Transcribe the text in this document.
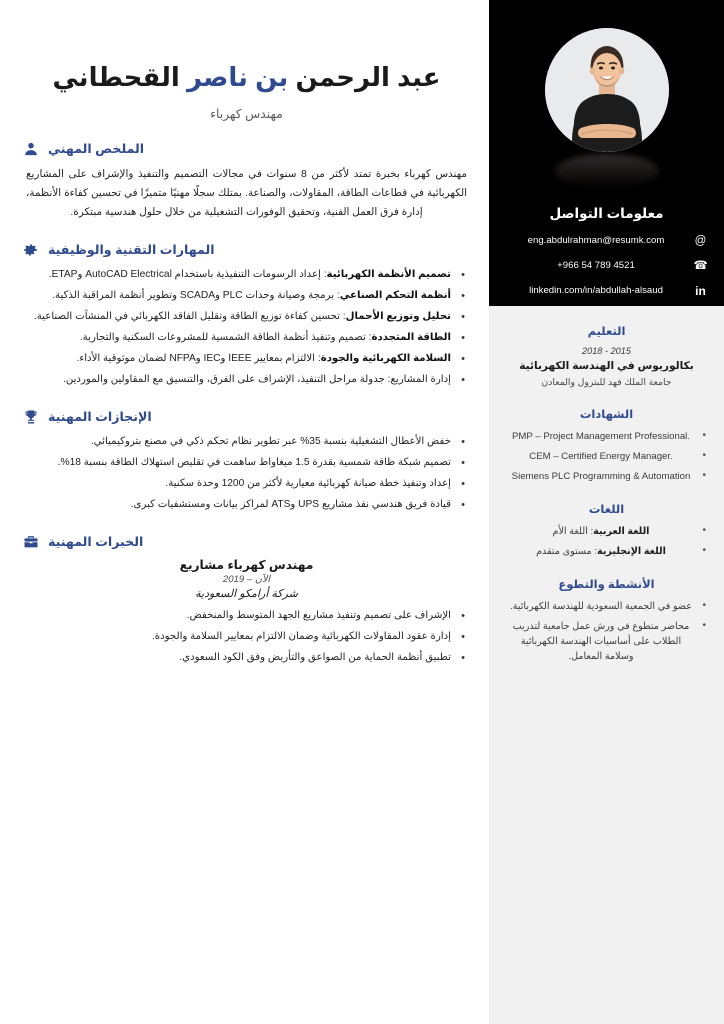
عبد الرحمن بن ناصر القحطاني
مهندس كهرباء
الملخص المهني
مهندس كهرباء بخبرة تمتد لأكثر من 8 سنوات في مجالات التصميم والتنفيذ والإشراف على المشاريع الكهربائية في قطاعات الطاقة، المقاولات، والصناعة. يمتلك سجلًا مهنيًا متميزًا في تحسين كفاءة الأنظمة، إدارة فرق العمل الفنية، وتحقيق الوفورات التشغيلية من خلال حلول هندسية مبتكرة.
المهارات التقنية والوظيفية
• تصميم الأنظمة الكهربائية: إعداد الرسومات التنفيذية باستخدام AutoCAD Electrical وETAP.
• أنظمة التحكم الصناعي: برمجة وصيانة وحدات PLC وSCADA وتطوير أنظمة المراقبة الذكية.
• تحليل وتوزيع الأحمال: تحسين كفاءة توزيع الطاقة وتقليل الفاقد الكهربائي في المنشآت الصناعية.
• الطاقة المتجددة: تصميم وتنفيذ أنظمة الطاقة الشمسية للمشروعات السكنية والتجارية.
• السلامة الكهربائية والجودة: الالتزام بمعايير IEEE وIEC وNFPA لضمان موثوقية الأداء.
• إدارة المشاريع: جدولة مراحل التنفيذ، الإشراف على الفرق، والتنسيق مع المقاولين والموردين.
الإنجازات المهنية
• خفض الأعطال التشغيلية بنسبة 35% عبر تطوير نظام تحكم ذكي في مصنع بتروكيميائي.
• تصميم شبكة طاقة شمسية بقدرة 1.5 ميغاواط ساهمت في تقليص استهلاك الطاقة بنسبة 18%.
• إعداد وتنفيذ خطة صيانة كهربائية معيارية لأكثر من 1200 وحدة سكنية.
• قيادة فريق هندسي نفذ مشاريع UPS وATS لمراكز بيانات ومستشفيات كبرى.
الخبرات المهنية
مهندس كهرباء مشاريع
2019 – الآن
شركة أرامكو السعودية
• الإشراف على تصميم وتنفيذ مشاريع الجهد المتوسط والمنخفض.
• إدارة عقود المقاولات الكهربائية وضمان الالتزام بمعايير السلامة والجودة.
• تطبيق أنظمة الحماية من الصواعق والتأريض وفق الكود السعودي.
معلومات التواصل
@
eng.abdulrahman@resumk.com
☎
+966 54 789 4521
in
linkedin.com/in/abdullah-alsaud
التعليم
2018 - 2015
بكالوريوس في الهندسة الكهربائية
جامعة الملك فهد للبترول والمعادن
الشهادات
• PMP – Project Management Professional.
• CEM – Certified Energy Manager.
• Siemens PLC Programming & Automation
اللغات
• اللغة العربية: اللغة الأم
• اللغة الإنجليزية: مستوى متقدم
الأنشطة والتطوع
• عضو في الجمعية السعودية للهندسة الكهربائية.
• محاضر متطوع في ورش عمل جامعية لتدريب الطلاب على أساسيات الهندسة الكهربائية وسلامة المعامل.
